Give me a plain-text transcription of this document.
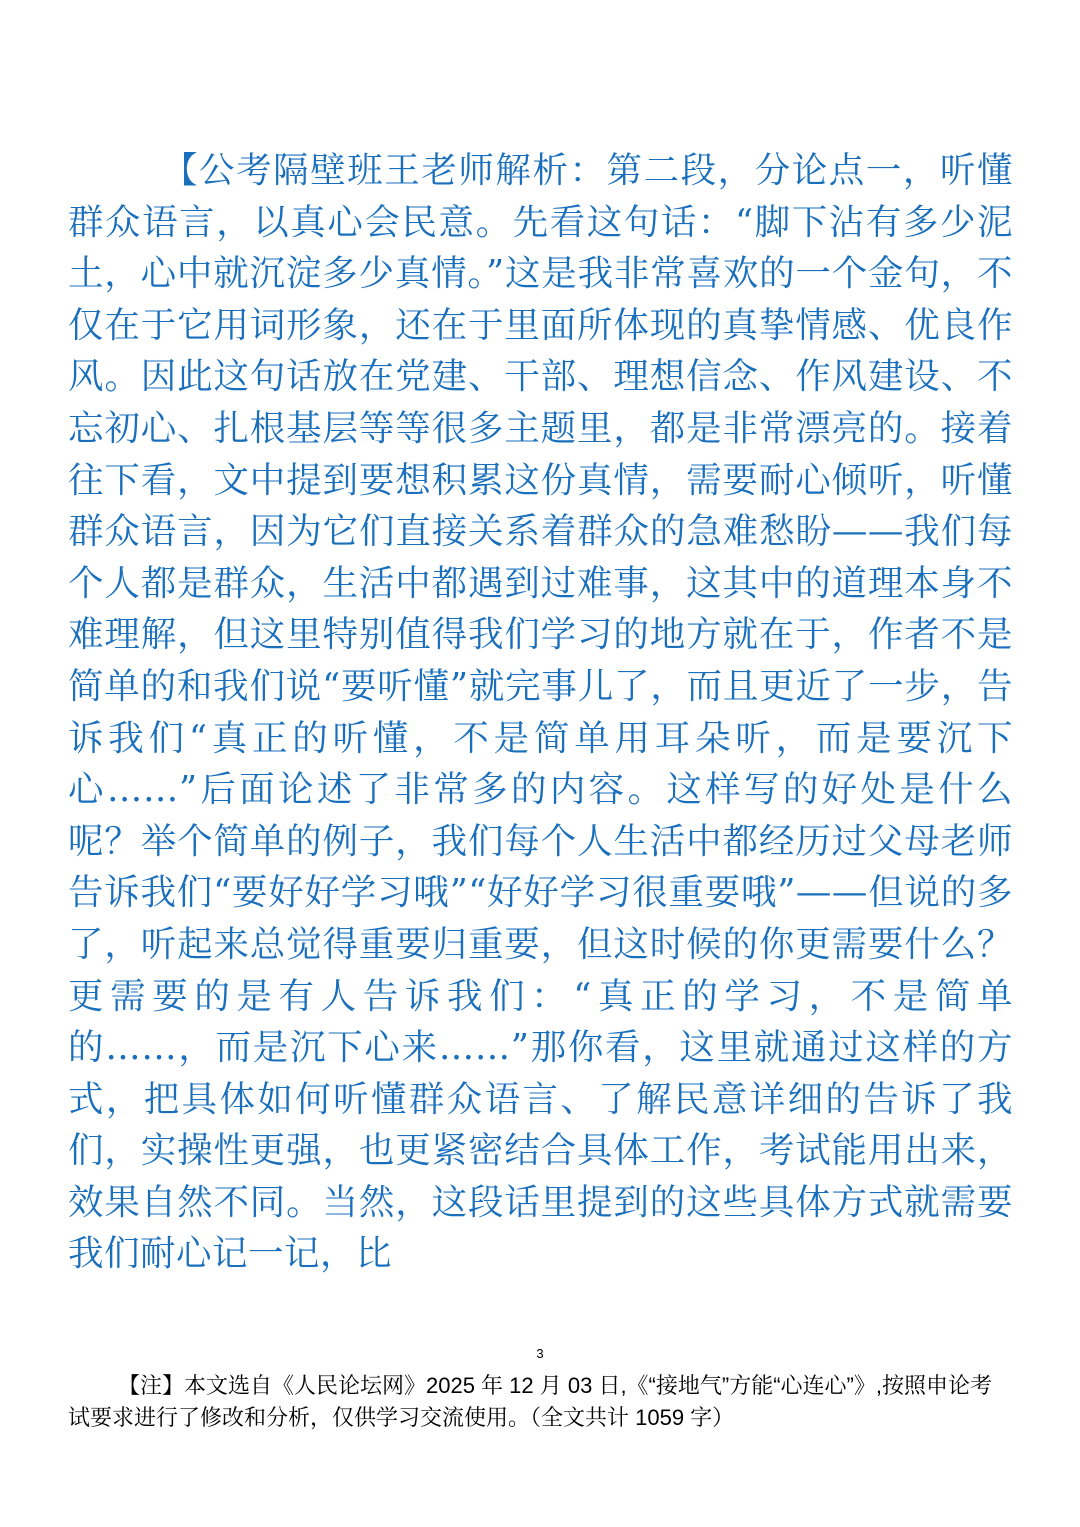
【公考隔壁班王老师解析：第二段，分论点一，听懂群众语言，以真心会民意。先看这句话：“脚下沾有多少泥土，心中就沉淀多少真情。”这是我非常喜欢的一个金句，不仅在于它用词形象，还在于里面所体现的真挚情感、优良作风。因此这句话放在党建、干部、理想信念、作风建设、不忘初心、扎根基层等等很多主题里，都是非常漂亮的。接着往下看，文中提到要想积累这份真情，需要耐心倾听，听懂群众语言，因为它们直接关系着群众的急难愁盼——我们每个人都是群众，生活中都遇到过难事，这其中的道理本身不难理解，但这里特别值得我们学习的地方就在于，作者不是简单的和我们说“要听懂”就完事儿了，而且更近了一步，告诉我们“真正的听懂，不是简单用耳朵听，而是要沉下心……”后面论述了非常多的内容。这样写的好处是什么呢？举个简单的例子，我们每个人生活中都经历过父母老师告诉我们“要好好学习哦”“好好学习很重要哦”——但说的多了，听起来总觉得重要归重要，但这时候的你更需要什么？更需要的是有人告诉我们：“真正的学习，不是简单的……，而是沉下心来……”那你看，这里就通过这样的方式，把具体如何听懂群众语言、了解民意详细的告诉了我们，实操性更强，也更紧密结合具体工作，考试能用出来，效果自然不同。当然，这段话里提到的这些具体方式就需要我们耐心记一记，比

3

【注】本文选自《人民论坛网》2025 年 12 月 03 日,《“接地气”方能“心连心”》,按照申论考试要求进行了修改和分析，仅供学习交流使用。（全文共计 1059 字）
